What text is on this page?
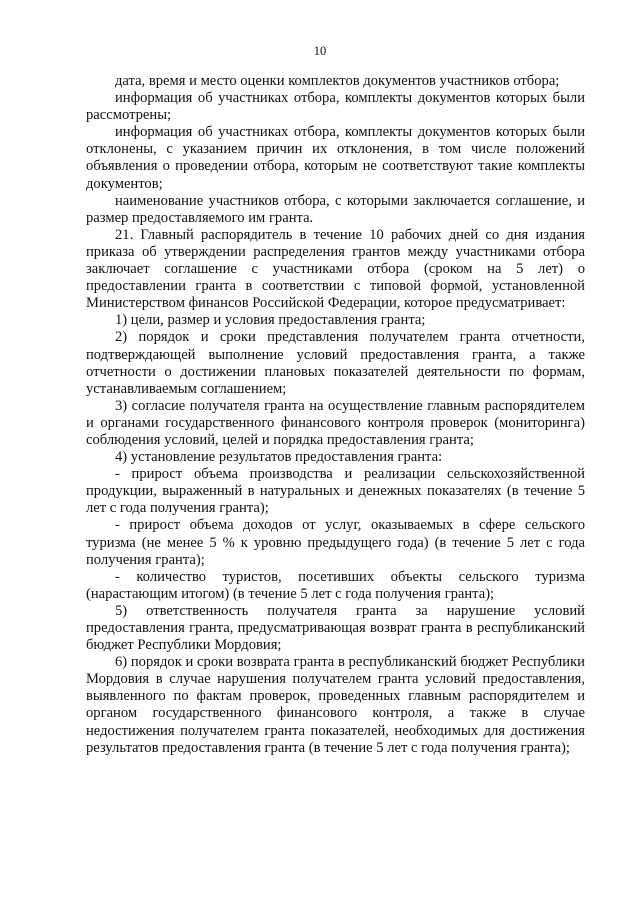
10

дата, время и место оценки комплектов документов участников отбора;

информация об участниках отбора, комплекты документов которых были рассмотрены;

информация об участниках отбора, комплекты документов которых были отклонены, с указанием причин их отклонения, в том числе положений объявления о проведении отбора, которым не соответствуют такие комплекты документов;

наименование участников отбора, с которыми заключается соглашение, и размер предоставляемого им гранта.

21. Главный распорядитель в течение 10 рабочих дней со дня издания приказа об утверждении распределения грантов между участниками отбора заключает соглашение с участниками отбора (сроком на 5 лет) о предоставлении гранта в соответствии с типовой формой, установленной Министерством финансов Российской Федерации, которое предусматривает:

1) цели, размер и условия предоставления гранта;

2) порядок и сроки представления получателем гранта отчетности, подтверждающей выполнение условий предоставления гранта, а также отчетности о достижении плановых показателей деятельности по формам, устанавливаемым соглашением;

3) согласие получателя гранта на осуществление главным распорядителем и органами государственного финансового контроля проверок (мониторинга) соблюдения условий, целей и порядка предоставления гранта;

4) установление результатов предоставления гранта:

- прирост объема производства и реализации сельскохозяйственной продукции, выраженный в натуральных и денежных показателях (в течение 5 лет с года получения гранта);

- прирост объема доходов от услуг, оказываемых в сфере сельского туризма (не менее 5 % к уровню предыдущего года) (в течение 5 лет с года получения гранта);

- количество туристов, посетивших объекты сельского туризма (нарастающим итогом) (в течение 5 лет с года получения гранта);

5) ответственность получателя гранта за нарушение условий предоставления гранта, предусматривающая возврат гранта в республиканский бюджет Республики Мордовия;

6) порядок и сроки возврата гранта в республиканский бюджет Республики Мордовия в случае нарушения получателем гранта условий предоставления, выявленного по фактам проверок, проведенных главным распорядителем и органом государственного финансового контроля, а также в случае недостижения получателем гранта показателей, необходимых для достижения результатов предоставления гранта (в течение 5 лет с года получения гранта);
